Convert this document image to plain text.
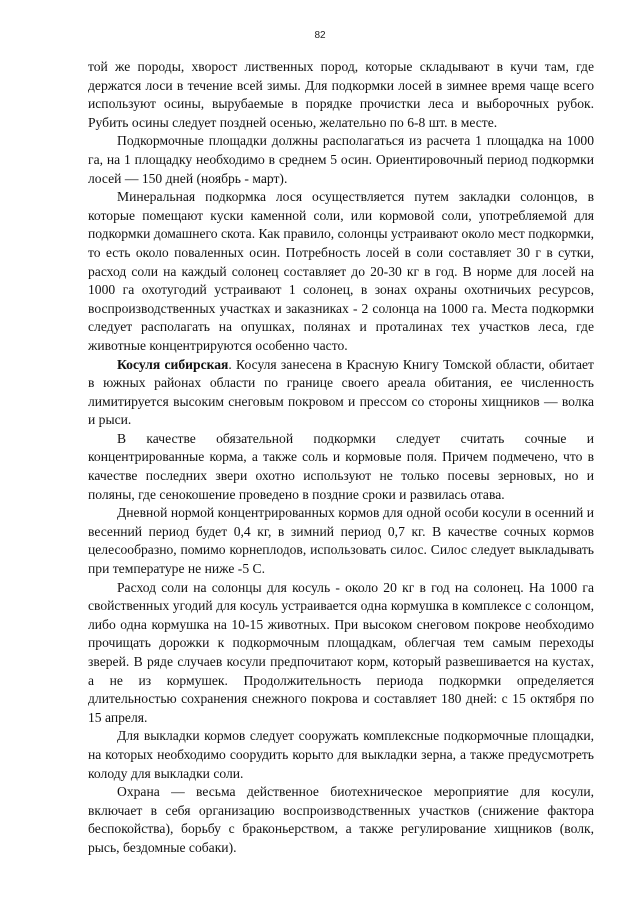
82

той же породы, хворост лиственных пород, которые складывают в кучи там, где держатся лоси в течение всей зимы. Для подкормки лосей в зимнее время чаще всего используют осины, вырубаемые в порядке прочистки леса и выборочных рубок. Рубить осины следует поздней осенью, желательно по 6-8 шт. в месте.

Подкормочные площадки должны располагаться из расчета 1 площадка на 1000 га, на 1 площадку необходимо в среднем 5 осин. Ориентировочный период подкормки лосей — 150 дней (ноябрь - март).

Минеральная подкормка лося осуществляется путем закладки солонцов, в которые помещают куски каменной соли, или кормовой соли, употребляемой для подкормки домашнего скота. Как правило, солонцы устраивают около мест подкормки, то есть около поваленных осин. Потребность лосей в соли составляет 30 г в сутки, расход соли на каждый солонец составляет до 20-30 кг в год. В норме для лосей на 1000 га охотугодий устраивают 1 солонец, в зонах охраны охотничьих ресурсов, воспроизводственных участках и заказниках - 2 солонца на 1000 га. Места подкормки следует располагать на опушках, полянах и проталинах тех участков леса, где животные концентрируются особенно часто.

Косуля сибирская. Косуля занесена в Красную Книгу Томской области, обитает в южных районах области по границе своего ареала обитания, ее численность лимитируется высоким снеговым покровом и прессом со стороны хищников — волка и рыси.

В качестве обязательной подкормки следует считать сочные и концентрированные корма, а также соль и кормовые поля. Причем подмечено, что в качестве последних звери охотно используют не только посевы зерновых, но и поляны, где сенокошение проведено в поздние сроки и развилась отава.

Дневной нормой концентрированных кормов для одной особи косули в осенний и весенний период будет 0,4 кг, в зимний период 0,7 кг. В качестве сочных кормов целесообразно, помимо корнеплодов, использовать силос. Силос следует выкладывать при температуре не ниже -5 С.

Расход соли на солонцы для косуль - около 20 кг в год на солонец. На 1000 га свойственных угодий для косуль устраивается одна кормушка в комплексе с солонцом, либо одна кормушка на 10-15 животных. При высоком снеговом покрове необходимо прочищать дорожки к подкормочным площадкам, облегчая тем самым переходы зверей. В ряде случаев косули предпочитают корм, который развешивается на кустах, а не из кормушек. Продолжительность периода подкормки определяется длительностью сохранения снежного покрова и составляет 180 дней: с 15 октября по 15 апреля.

Для выкладки кормов следует сооружать комплексные подкормочные площадки, на которых необходимо соорудить корыто для выкладки зерна, а также предусмотреть колоду для выкладки соли.

Охрана — весьма действенное биотехническое мероприятие для косули, включает в себя организацию воспроизводственных участков (снижение фактора беспокойства), борьбу с браконьерством, а также регулирование хищников (волк, рысь, бездомные собаки).
